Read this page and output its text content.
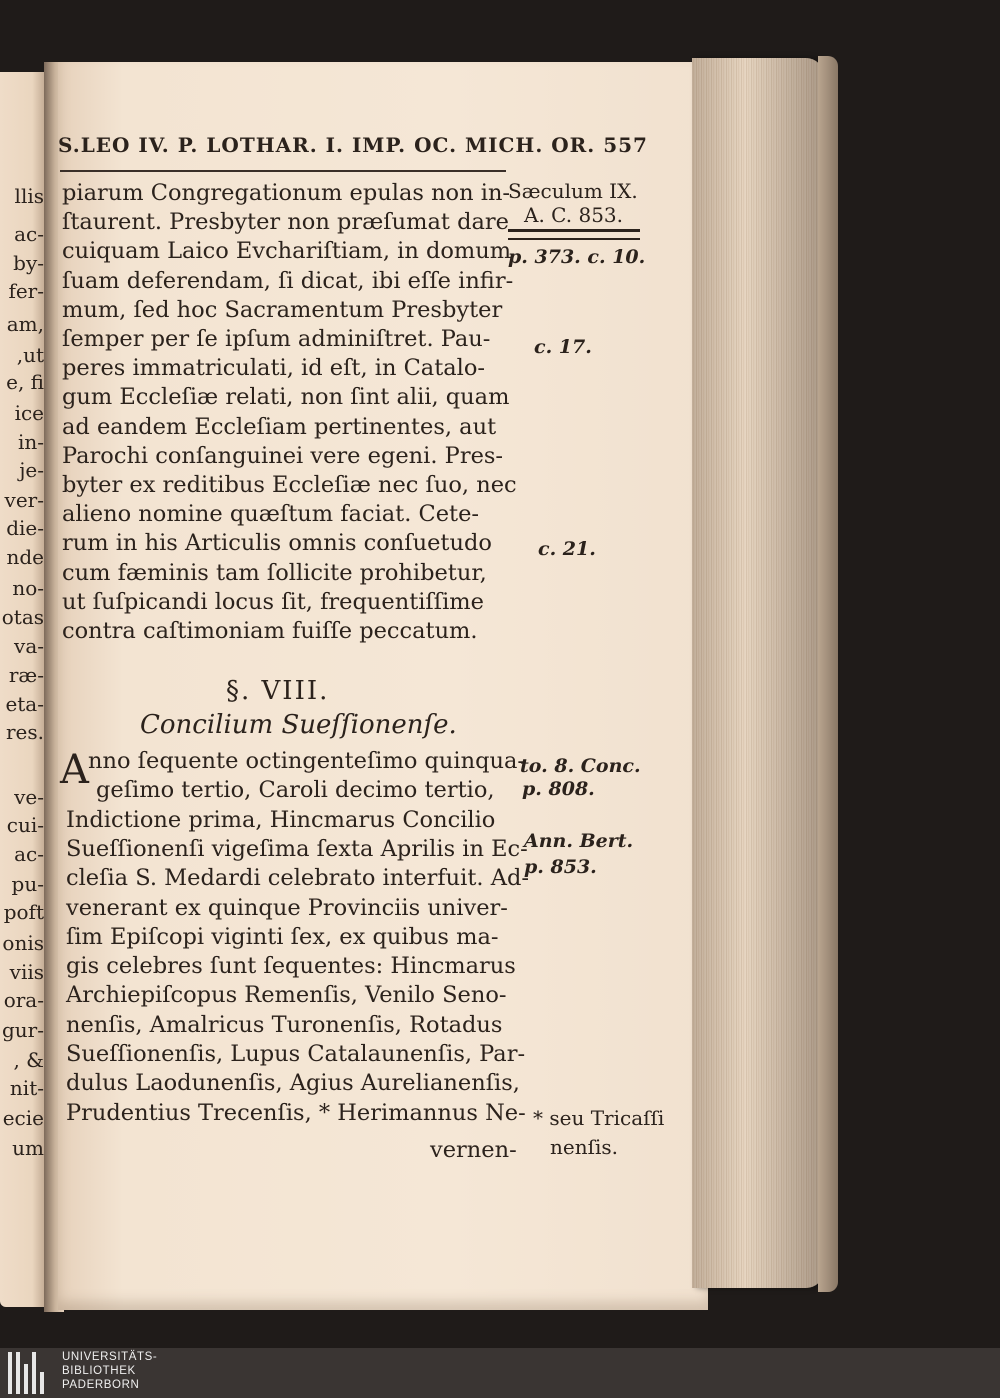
llis
ac-
by-
fer-
am,
,ut
e, fi
ice
in-
je-
ver-
die-
nde
no-
otas
va-
ræ-
eta-
res.
ve-
cui-
ac-
pu-
poft
onis
viis
ora-
gur-
, &
nit-
ecie
um
S.LEO IV. P. LOTHAR. I. IMP. OC. MICH. OR. 557
Sæculum IX.
A. C. 853.
piarum Congregationum epulas non in-
ſtaurent. Presbyter non præſumat dare
cuiquam Laico Evchariſtiam, in domum
ſuam deferendam, ſi dicat, ibi eſſe infir-
mum, ſed hoc Sacramentum Presbyter
ſemper per ſe ipſum adminiſtret. Pau-
peres immatriculati, id eſt, in Catalo-
gum Eccleſiæ relati, non ſint alii, quam
ad eandem Eccleſiam pertinentes, aut
Parochi conſanguinei vere egeni. Pres-
byter ex reditibus Eccleſiæ nec ſuo, nec
alieno nomine quæſtum faciat. Cete-
rum in his Articulis omnis conſuetudo
cum fæminis tam ſollicite prohibetur,
ut ſuſpicandi locus ſit, frequentiſſime
contra caſtimoniam fuiſſe peccatum.
§. VIII.
Concilium Sueſſionenſe.
A nno ſequente octingenteſimo quinqua-
geſimo tertio, Caroli decimo tertio,
Indictione prima, Hincmarus Concilio
Sueſſionenſi vigeſima ſexta Aprilis in Ec-
cleſia S. Medardi celebrato interfuit. Ad-
venerant ex quinque Provinciis univer-
ſim Epiſcopi viginti ſex, ex quibus ma-
gis celebres ſunt ſequentes: Hincmarus
Archiepiſcopus Remenſis, Venilo Seno-
nenſis, Amalricus Turonenſis, Rotadus
Sueſſionenſis, Lupus Catalaunenſis, Par-
dulus Laodunenſis, Agius Aurelianenſis,
Prudentius Trecenſis, * Herimannus Ne-
vernen-
p. 373. c. 10.
c. 17.
c. 21.
to. 8. Conc.
p. 808.
Ann. Bert.
p. 853.
* seu Tricaſſi
nenſis.
UNIVERSITÄTS-
BIBLIOTHEK
PADERBORN
